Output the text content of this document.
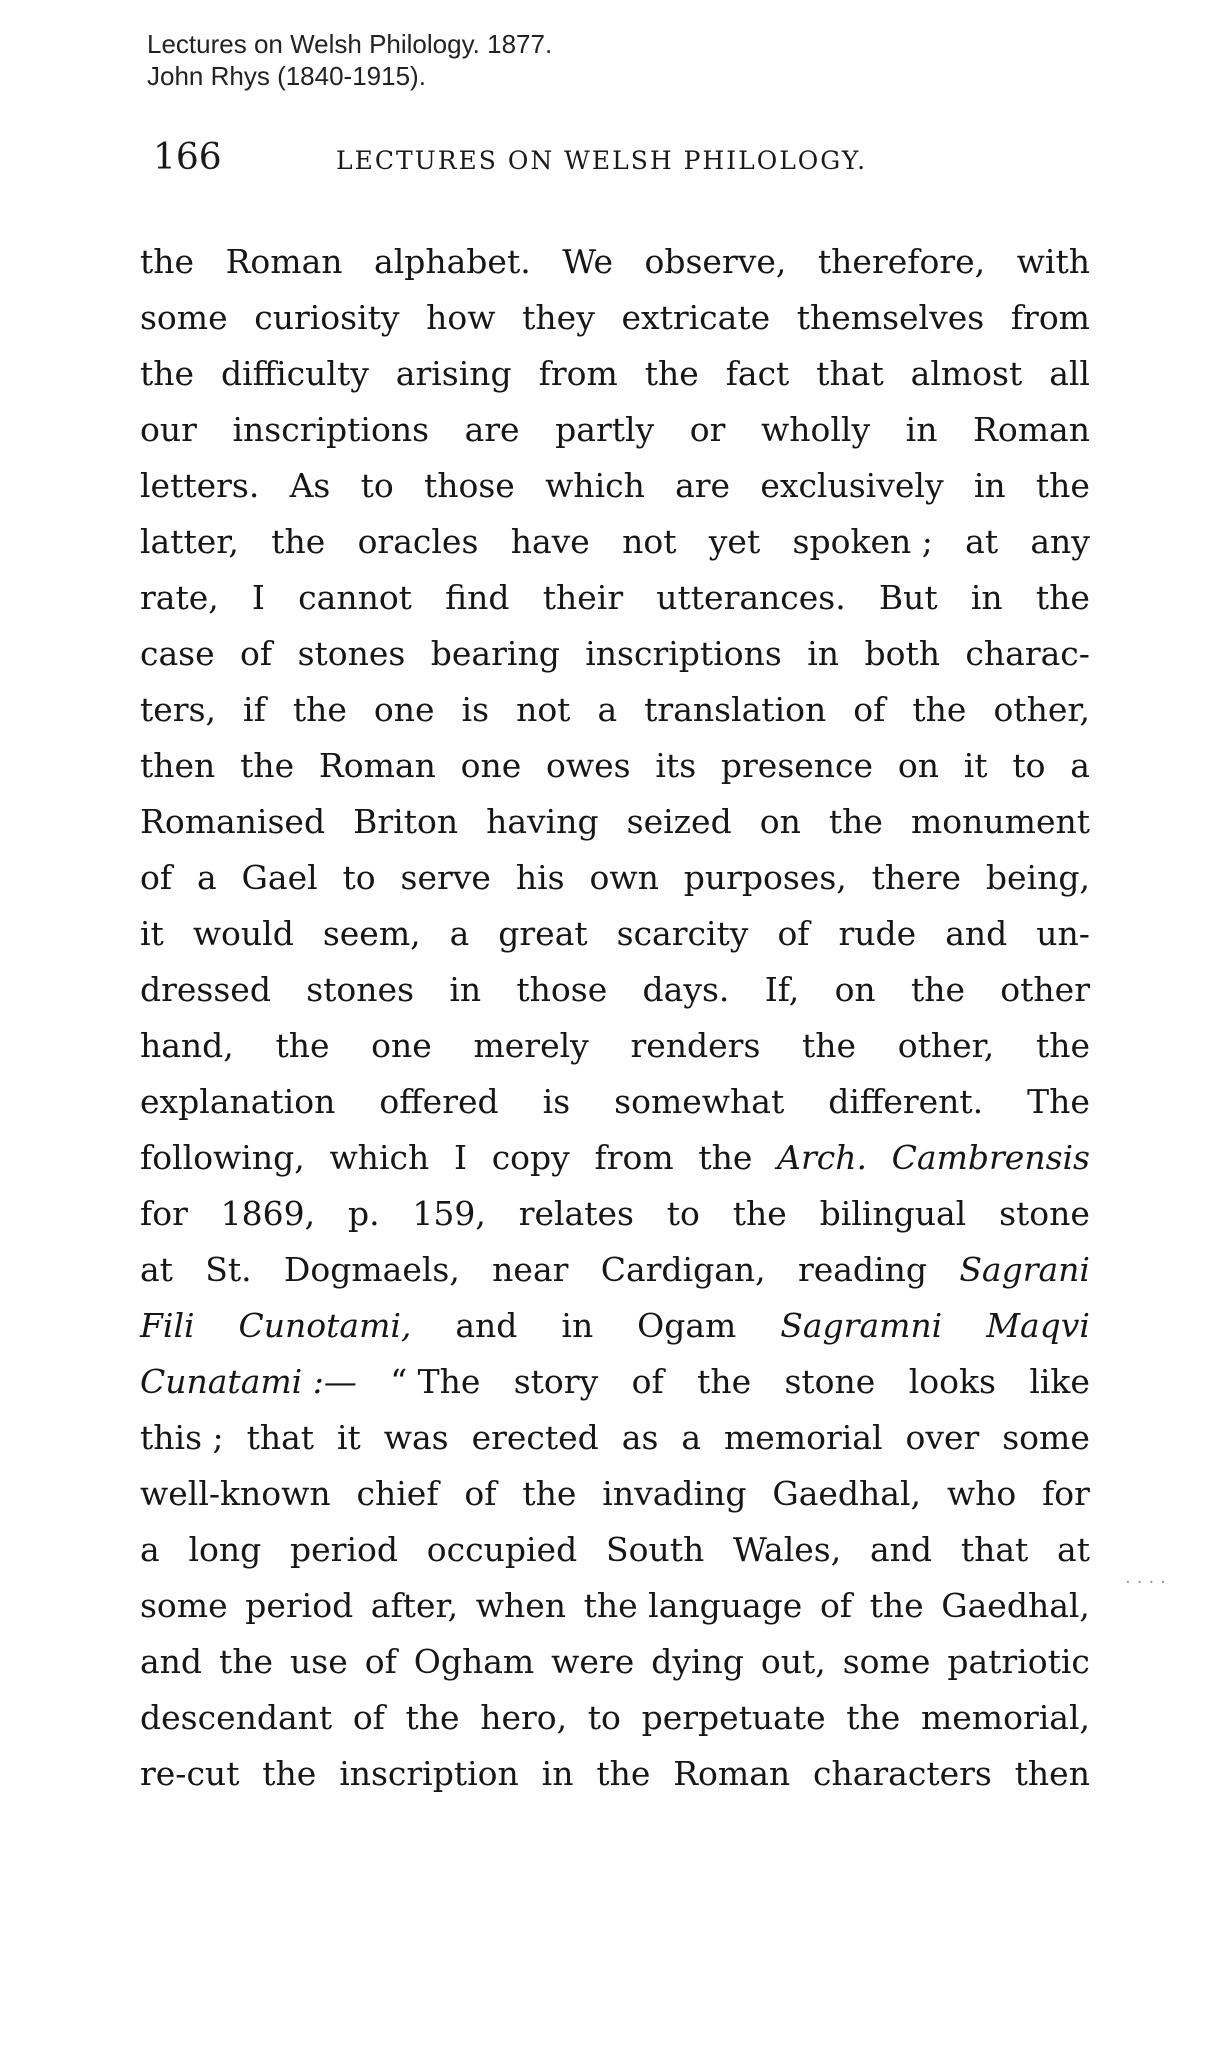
Lectures on Welsh Philology. 1877.
John Rhys (1840-1915).
166	LECTURES ON WELSH PHILOLOGY.
the Roman alphabet. We observe, therefore, with
some curiosity how they extricate themselves from
the difficulty arising from the fact that almost all
our inscriptions are partly or wholly in Roman
letters. As to those which are exclusively in the
latter, the oracles have not yet spoken ; at any
rate, I cannot find their utterances. But in the
case of stones bearing inscriptions in both charac-
ters, if the one is not a translation of the other,
then the Roman one owes its presence on it to a
Romanised Briton having seized on the monument
of a Gael to serve his own purposes, there being,
it would seem, a great scarcity of rude and un-
dressed stones in those days. If, on the other
hand, the one merely renders the other, the
explanation offered is somewhat different. The
following, which I copy from the Arch. Cambrensis
for 1869, p. 159, relates to the bilingual stone
at St. Dogmaels, near Cardigan, reading Sagrani
Fili Cunotami, and in Ogam Sagramni Maqvi
Cunatami :— “ The story of the stone looks like
this ; that it was erected as a memorial over some
well-known chief of the invading Gaedhal, who for
a long period occupied South Wales, and that at
some period after, when the language of the Gaedhal,
and the use of Ogham were dying out, some patriotic
descendant of the hero, to perpetuate the memorial,
re-cut the inscription in the Roman characters then
····
